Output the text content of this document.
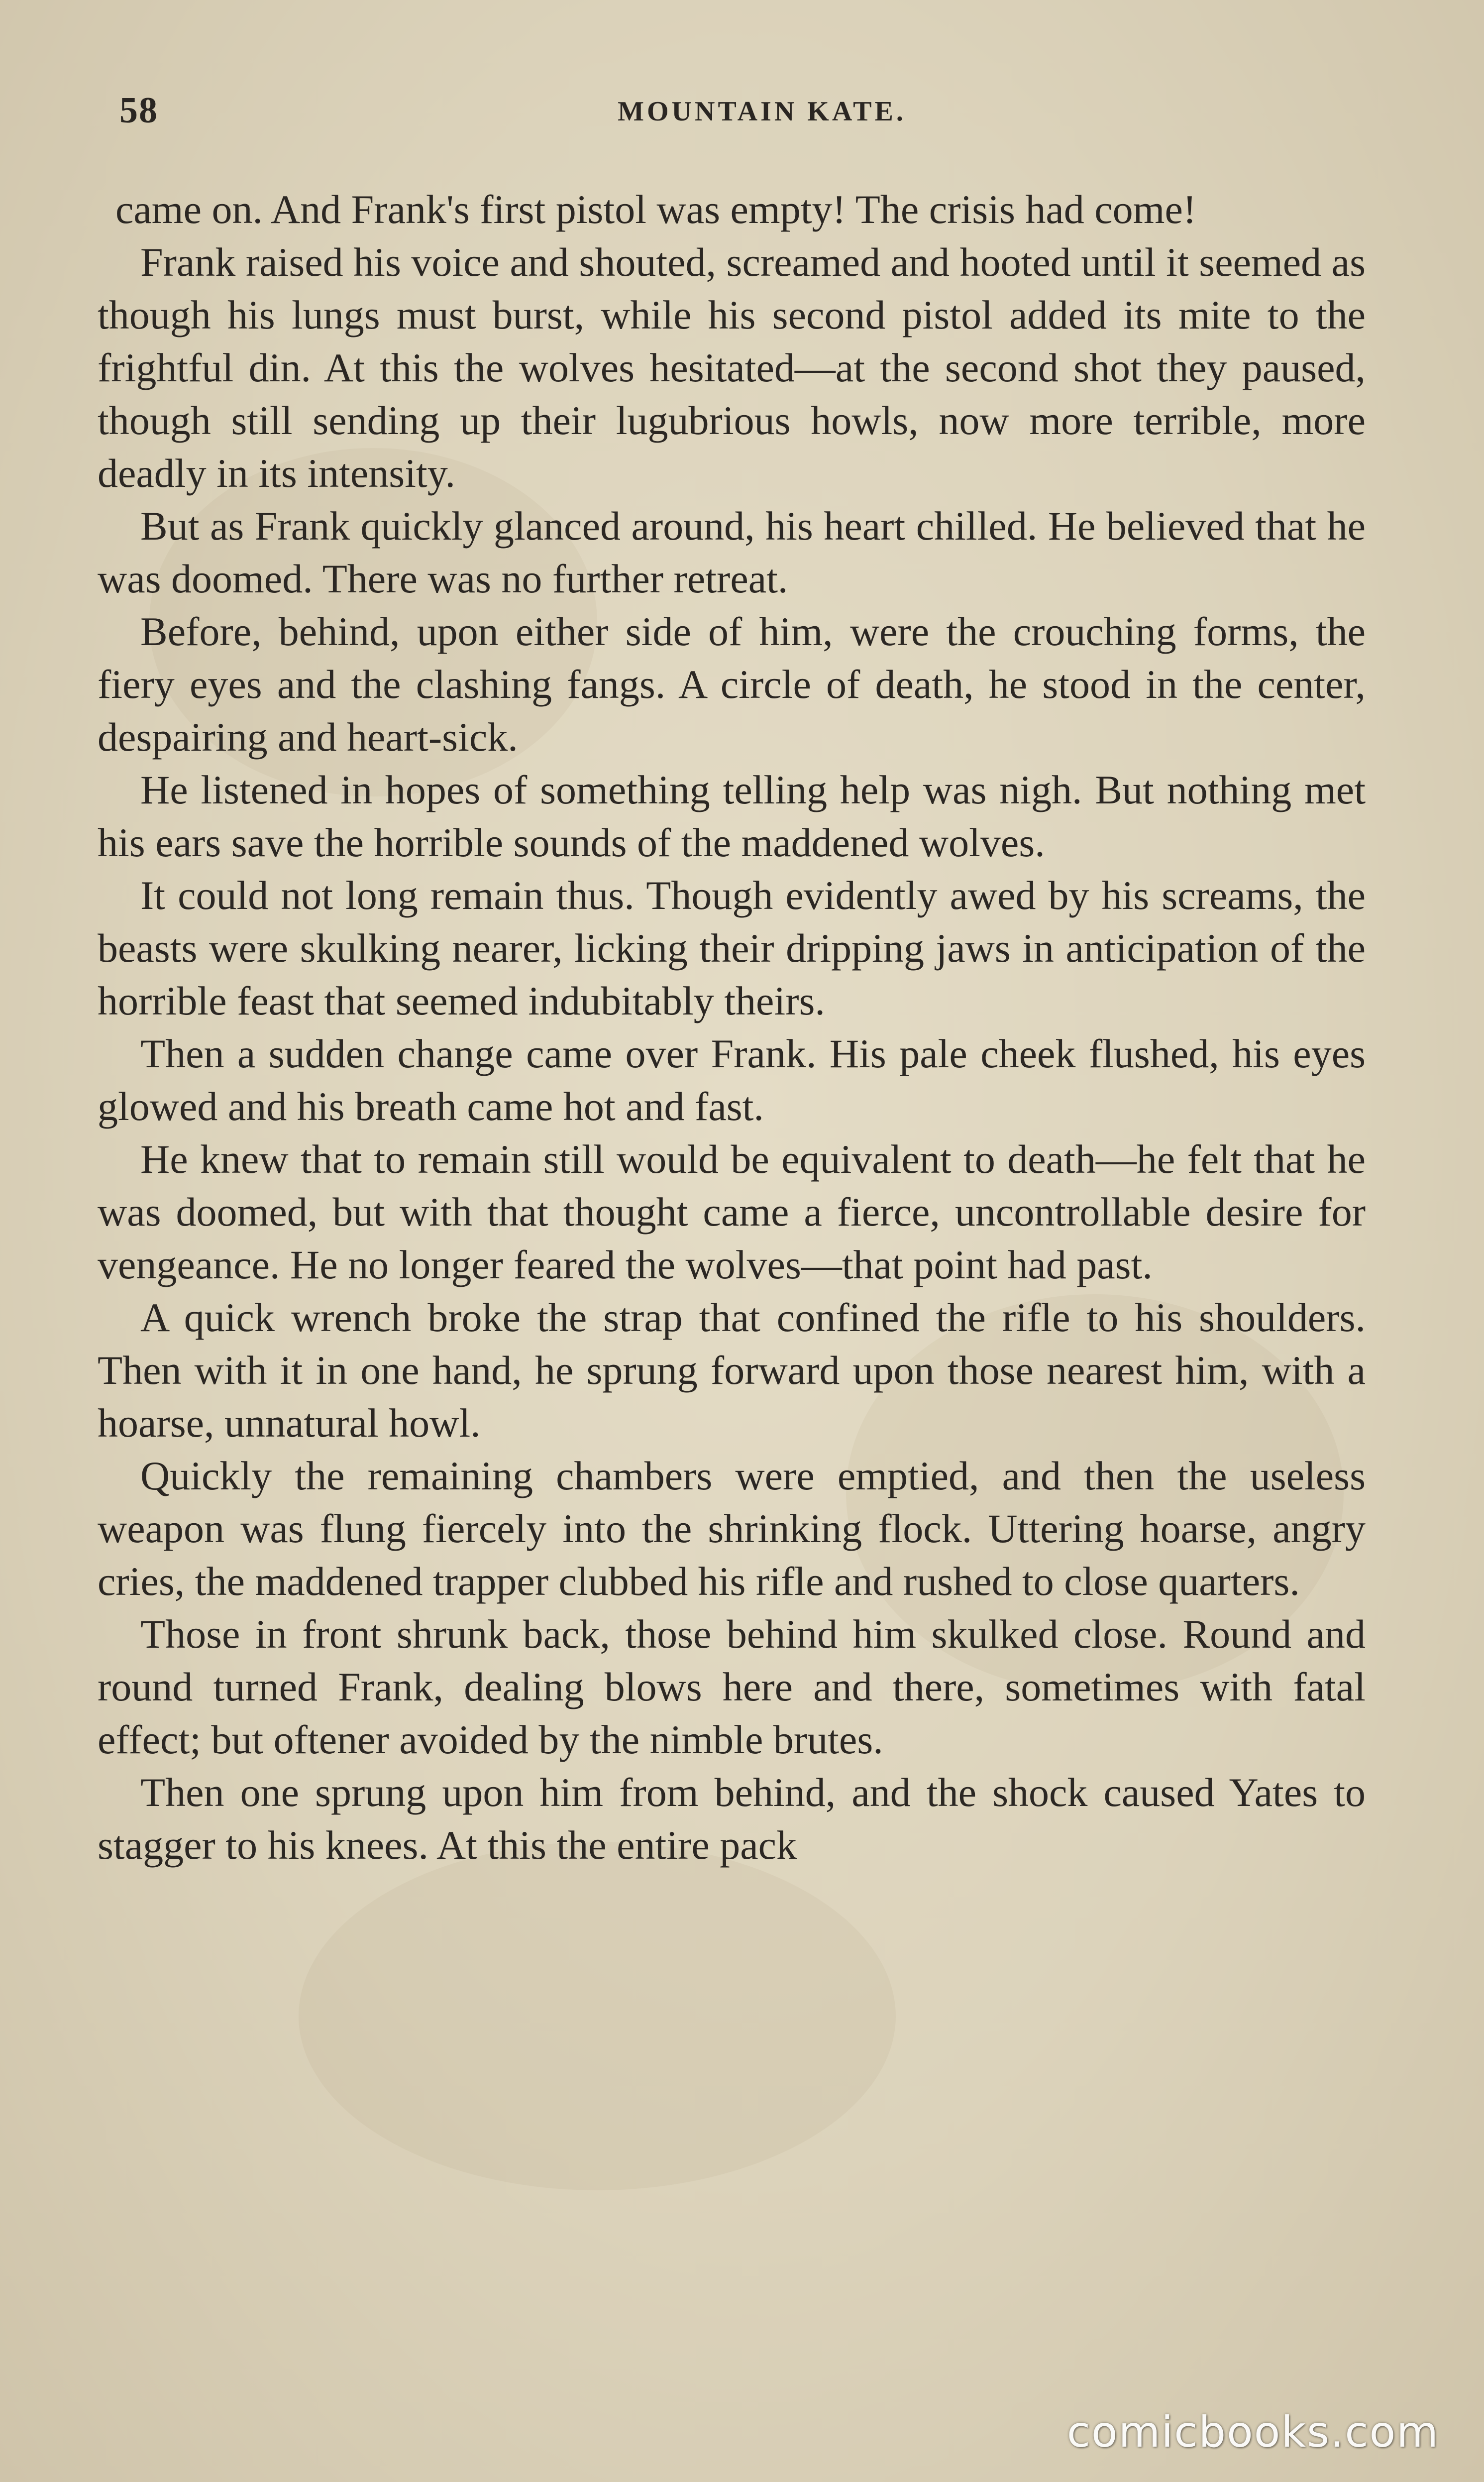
58	MOUNTAIN KATE.

came on. And Frank's first pistol was empty! The crisis had come!

Frank raised his voice and shouted, screamed and hooted until it seemed as though his lungs must burst, while his second pistol added its mite to the frightful din. At this the wolves hesitated—at the second shot they paused, though still sending up their lugubrious howls, now more terrible, more deadly in its intensity.

But as Frank quickly glanced around, his heart chilled. He believed that he was doomed. There was no further retreat.

Before, behind, upon either side of him, were the crouching forms, the fiery eyes and the clashing fangs. A circle of death, he stood in the center, despairing and heart-sick.

He listened in hopes of something telling help was nigh. But nothing met his ears save the horrible sounds of the maddened wolves.

It could not long remain thus. Though evidently awed by his screams, the beasts were skulking nearer, licking their dripping jaws in anticipation of the horrible feast that seemed indubitably theirs.

Then a sudden change came over Frank. His pale cheek flushed, his eyes glowed and his breath came hot and fast.

He knew that to remain still would be equivalent to death—he felt that he was doomed, but with that thought came a fierce, uncontrollable desire for vengeance. He no longer feared the wolves—that point had past.

A quick wrench broke the strap that confined the rifle to his shoulders. Then with it in one hand, he sprung forward upon those nearest him, with a hoarse, unnatural howl.

Quickly the remaining chambers were emptied, and then the useless weapon was flung fiercely into the shrinking flock. Uttering hoarse, angry cries, the maddened trapper clubbed his rifle and rushed to close quarters.

Those in front shrunk back, those behind him skulked close. Round and round turned Frank, dealing blows here and there, sometimes with fatal effect; but oftener avoided by the nimble brutes.

Then one sprung upon him from behind, and the shock caused Yates to stagger to his knees. At this the entire pack

comicbooks.com
